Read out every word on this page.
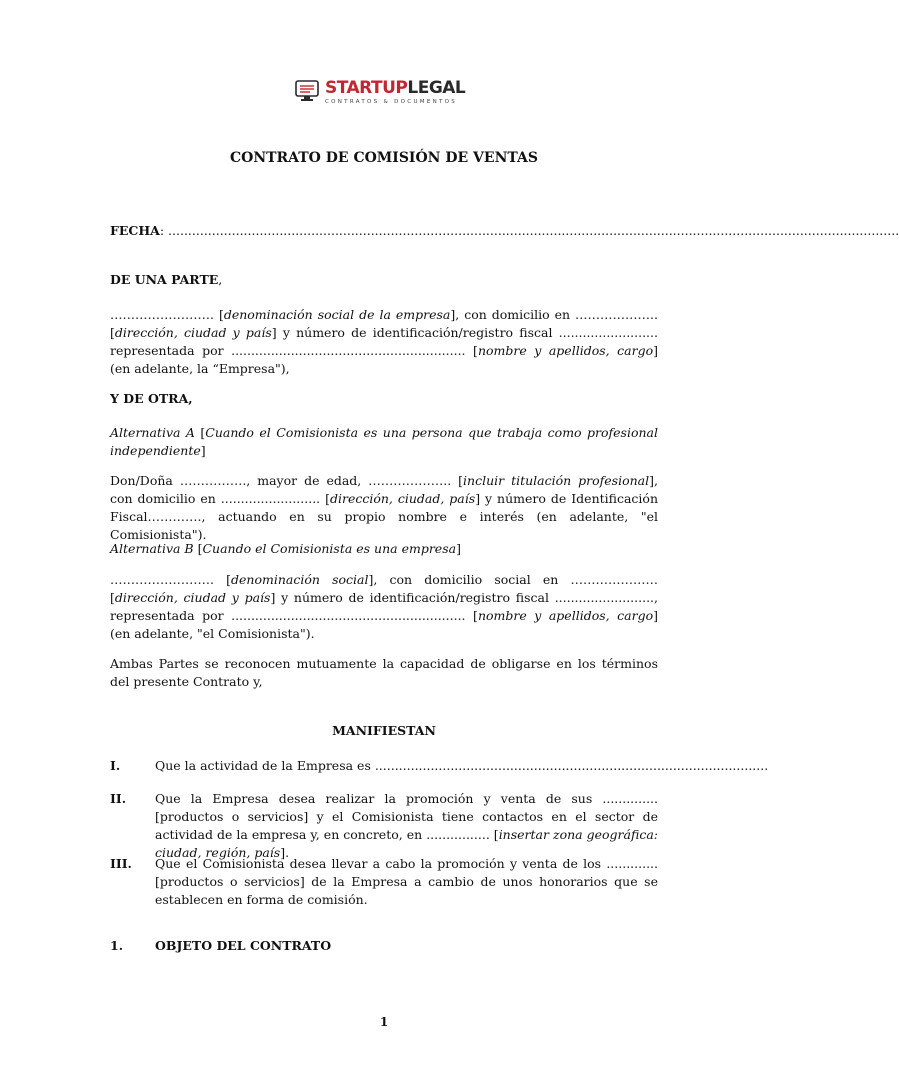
STARTUPLEGAL
CONTRATOS & DOCUMENTOS
CONTRATO DE COMISIÓN DE VENTAS
FECHA: ........................................................................................................................................................................................
DE UNA PARTE,
……………………. [denominación social de la empresa], con domicilio en ……………….. [dirección, ciudad y país] y número de identificación/registro fiscal ......................... representada por ........................................................... [nombre y apellidos, cargo] (en adelante, la “Empresa"),
Y DE OTRA,
Alternativa A [Cuando el Comisionista es una persona que trabaja como profesional independiente]
Don/Doña ……………., mayor de edad, ……………….. [incluir titulación profesional], con domicilio en ......................... [dirección, ciudad, país] y número de Identificación Fiscal…………., actuando en su propio nombre e interés (en adelante, "el Comisionista").
Alternativa B [Cuando el Comisionista es una empresa]
……………………. [denominación social], con domicilio social en ………………… [dirección, ciudad y país] y número de identificación/registro fiscal ........................., representada por ........................................................... [nombre y apellidos, cargo] (en adelante, "el Comisionista").
Ambas Partes se reconocen mutuamente la capacidad de obligarse en los términos del presente Contrato y,
MANIFIESTAN
I.	Que la actividad de la Empresa es ...................................................................................................
II. Que la Empresa desea realizar la promoción y venta de sus .............. [productos o servicios] y el Comisionista tiene contactos en el sector de actividad de la empresa y, en concreto, en ................ [insertar zona geográfica: ciudad, región, país].
III. Que el Comisionista desea llevar a cabo la promoción y venta de los ............. [productos o servicios] de la Empresa a cambio de unos honorarios que se establecen en forma de comisión.
1.	OBJETO DEL CONTRATO
1
